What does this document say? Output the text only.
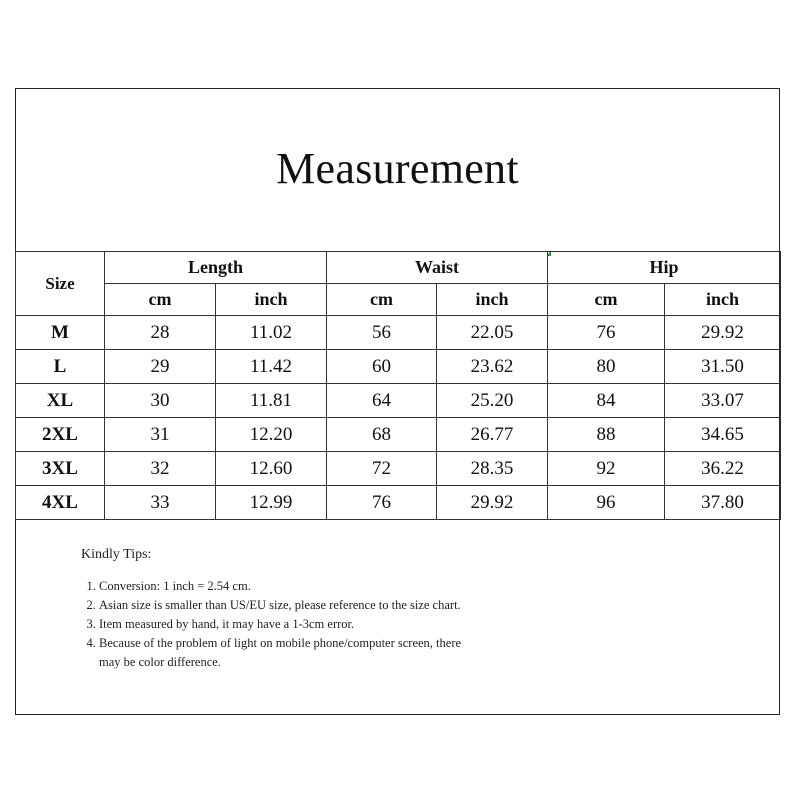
Measurement
Size	Length		Waist		Hip	
	cm	inch	cm	inch	cm	inch
M	28	11.02	56	22.05	76	29.92
L	29	11.42	60	23.62	80	31.50
XL	30	11.81	64	25.20	84	33.07
2XL	31	12.20	68	26.77	88	34.65
3XL	32	12.60	72	28.35	92	36.22
4XL	33	12.99	76	29.92	96	37.80
Kindly Tips:
1. Conversion: 1 inch = 2.54 cm.
2. Asian size is smaller than US/EU size, please reference to the size chart.
3. Item measured by hand, it may have a 1-3cm error.
4. Because of the problem of light on mobile phone/computer screen, there may be color difference.
